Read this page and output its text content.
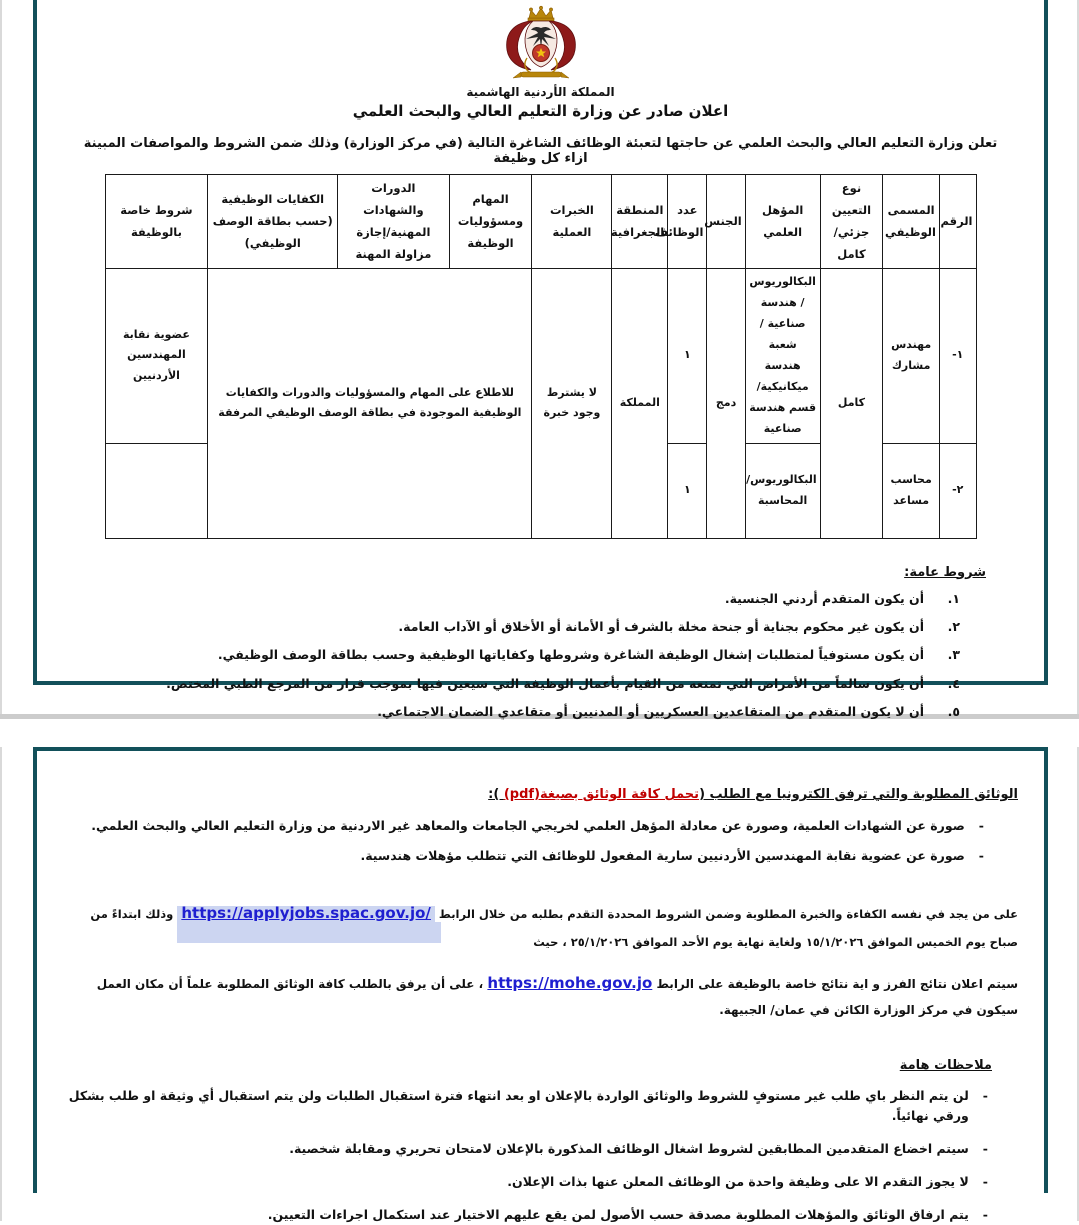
المملكة الأردنية الهاشمية
اعلان صادر عن وزارة التعليم العالي والبحث العلمي
تعلن وزارة التعليم العالي والبحث العلمي عن حاجتها لتعبئة الوظائف الشاغرة التالية (في مركز الوزارة) وذلك ضمن الشروط والمواصفات المبينة ازاء كل وظيفة
الرقم	المسمى الوظيفي	نوع التعيين جزئي/كامل	المؤهل العلمي	الجنس	عدد الوظائف	المنطقة الجغرافية	الخبرات العملية	المهام ومسؤوليات الوظيفة	الدورات والشهادات المهنية/إجازة مزاولة المهنة	الكفايات الوظيفية (حسب بطاقة الوصف الوظيفي)	شروط خاصة بالوظيفة
١-	مهندس مشارك	كامل	البكالوريوس / هندسة صناعية /شعبة هندسة ميكانيكية/ قسم هندسة صناعية	دمج	١	المملكة	لا يشترط وجود خبرة	للاطلاع على المهام والمسؤوليات والدورات والكفايات الوظيفية الموجودة في بطاقة الوصف الوظيفي المرفقة			عضوية نقابة المهندسين الأردنيين
٢-	محاسب مساعد		البكالوريوس/ المحاسبة		١						
شروط عامة:
١.
أن يكون المتقدم أردني الجنسية.
٢.
أن يكون غير محكوم بجناية أو جنحة مخلة بالشرف أو الأمانة أو الأخلاق أو الآداب العامة.
٣.
أن يكون مستوفياً لمتطلبات إشغال الوظيفة الشاغرة وشروطها وكفاياتها الوظيفية وحسب بطاقة الوصف الوظيفي.
٤.
أن يكون سالماً من الأمراض التي تمنعه من القيام بأعمال الوظيفة التي سيعين فيها بموجب قرار من المرجع الطبي المختص.
٥.
أن لا يكون المتقدم من المتقاعدين العسكريين أو المدنيين أو متقاعدي الضمان الاجتماعي.
الوثائق المطلوبة والتي ترفق الكترونيا مع الطلب (تحمل كافة الوثائق بصيغة(pdf) ):
-
صورة عن الشهادات العلمية، وصورة عن معادلة المؤهل العلمي لخريجي الجامعات والمعاهد غير الاردنية من وزارة التعليم العالي والبحث العلمي.
-
صورة عن عضوية نقابة المهندسين الأردنيين سارية المفعول للوظائف التي تتطلب مؤهلات هندسية.
على من يجد في نفسه الكفاءة والخبرة المطلوبة وضمن الشروط المحددة التقدم بطلبه من خلال الرابط https://applyjobs.spac.gov.jo/ وذلك ابتداءً من صباح يوم الخميس الموافق ١٥/١/٢٠٢٦ ولغاية نهاية يوم الأحد الموافق ٢٥/١/٢٠٢٦ ، حيث
سيتم اعلان نتائج الفرز و اية نتائج خاصة بالوظيفة على الرابط https://mohe.gov.jo ، على أن يرفق بالطلب كافة الوثائق المطلوبة علماً أن مكان العمل سيكون في مركز الوزارة الكائن في عمان/ الجبيهة.
ملاحظات هامة
-
لن يتم النظر باي طلب غير مستوفٍ للشروط والوثائق الواردة بالإعلان او بعد انتهاء فترة استقبال الطلبات ولن يتم استقبال أي وثيقة او طلب بشكل ورقي نهائياً.
-
سيتم اخضاع المتقدمين المطابقين لشروط اشغال الوظائف المذكورة بالإعلان لامتحان تحريري ومقابلة شخصية.
-
لا يجوز التقدم الا على وظيفة واحدة من الوظائف المعلن عنها بذات الإعلان.
-
يتم ارفاق الوثائق والمؤهلات المطلوبة مصدقة حسب الأصول لمن يقع عليهم الاختيار عند استكمال اجراءات التعيين.
